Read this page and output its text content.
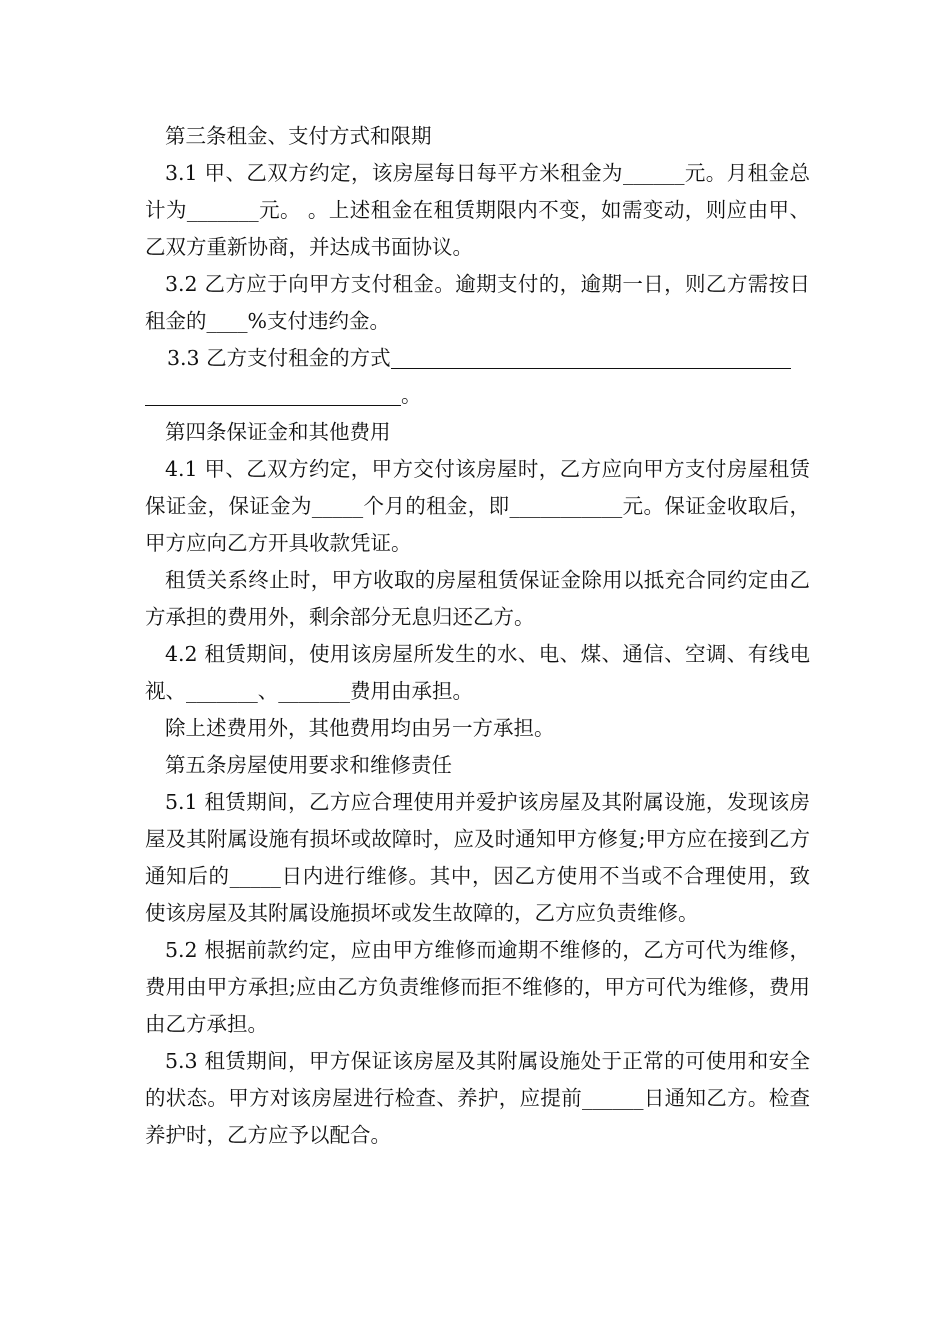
第三条租金、支付方式和限期

3.1 甲、乙双方约定，该房屋每日每平方米租金为______元。月租金总计为_______元。 。上述租金在租赁期限内不变，如需变动，则应由甲、乙双方重新协商，并达成书面协议。

3.2 乙方应于向甲方支付租金。逾期支付的，逾期一日，则乙方需按日租金的____%支付违约金。

3.3 乙方支付租金的方式

。

第四条保证金和其他费用

4.1 甲、乙双方约定，甲方交付该房屋时，乙方应向甲方支付房屋租赁保证金，保证金为_____个月的租金，即___________元。保证金收取后，甲方应向乙方开具收款凭证。

租赁关系终止时，甲方收取的房屋租赁保证金除用以抵充合同约定由乙方承担的费用外，剩余部分无息归还乙方。

4.2 租赁期间，使用该房屋所发生的水、电、煤、通信、空调、有线电视、_______、_______费用由承担。

除上述费用外，其他费用均由另一方承担。

第五条房屋使用要求和维修责任

5.1 租赁期间，乙方应合理使用并爱护该房屋及其附属设施，发现该房屋及其附属设施有损坏或故障时，应及时通知甲方修复;甲方应在接到乙方通知后的_____日内进行维修。其中，因乙方使用不当或不合理使用，致使该房屋及其附属设施损坏或发生故障的，乙方应负责维修。

5.2 根据前款约定，应由甲方维修而逾期不维修的，乙方可代为维修，费用由甲方承担;应由乙方负责维修而拒不维修的，甲方可代为维修，费用由乙方承担。

5.3 租赁期间，甲方保证该房屋及其附属设施处于正常的可使用和安全的状态。甲方对该房屋进行检查、养护，应提前______日通知乙方。检查养护时，乙方应予以配合。
